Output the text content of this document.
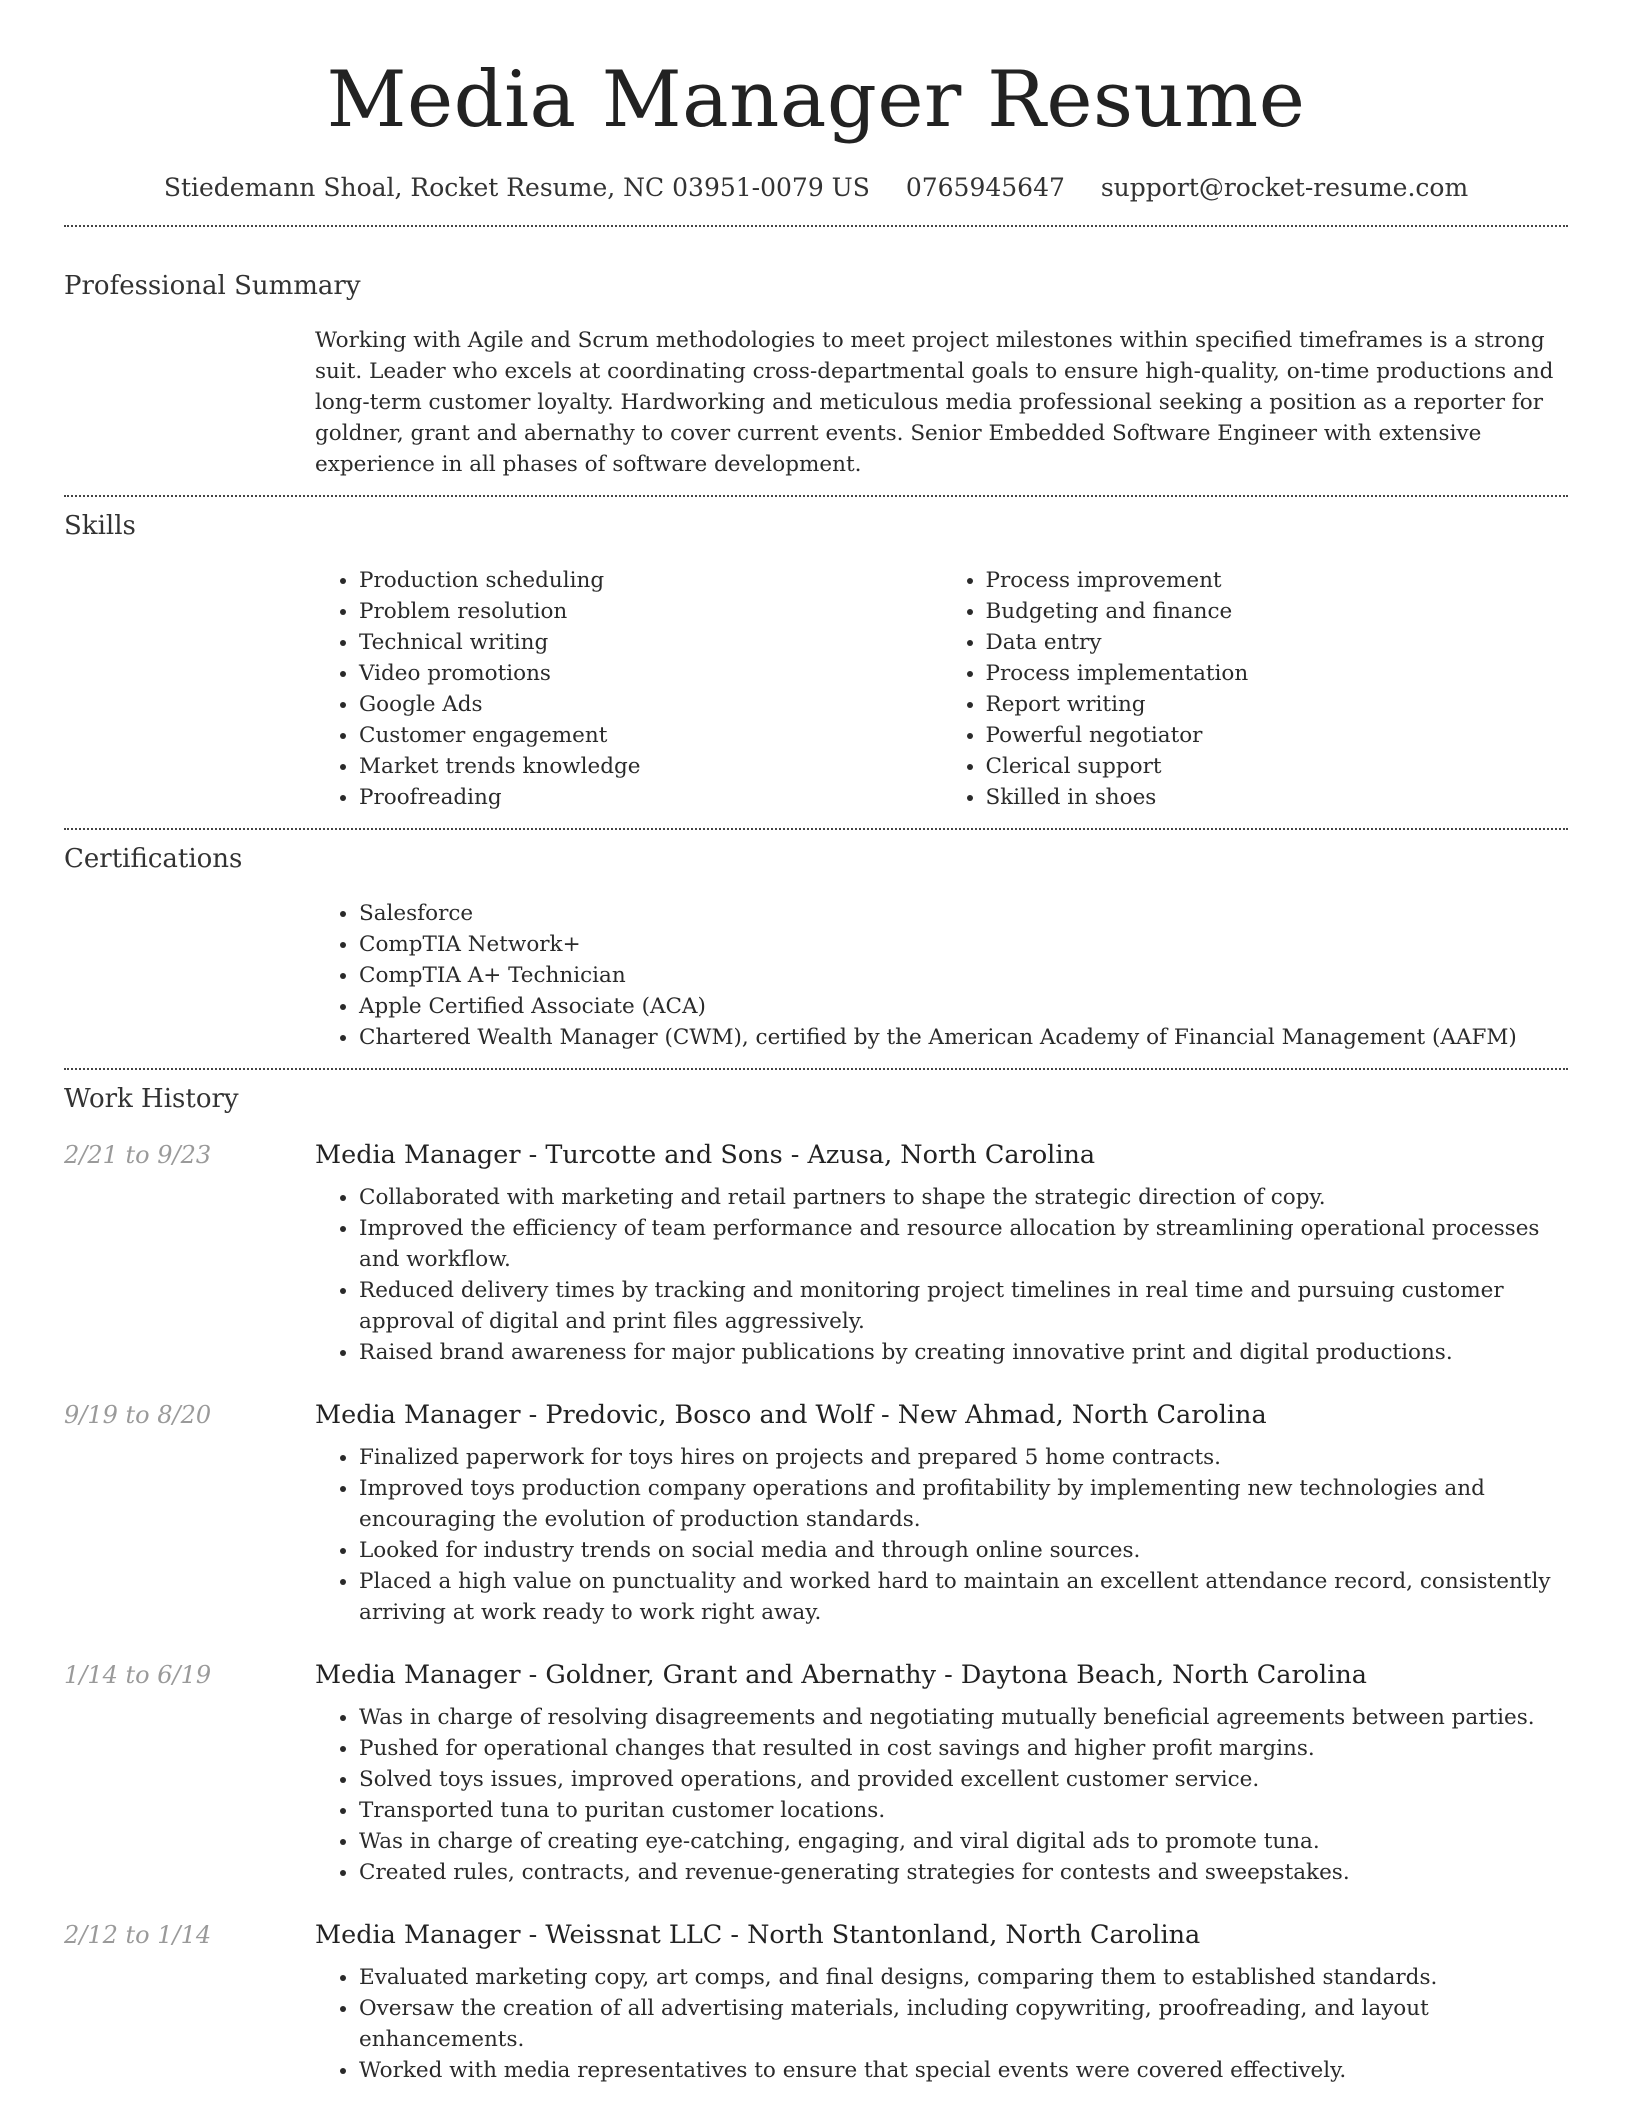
Media Manager Resume
Stiedemann Shoal, Rocket Resume, NC 03951-0079 US 0765945647 support@rocket-resume.com
Professional Summary
Working with Agile and Scrum methodologies to meet project milestones within specified timeframes is a strong suit. Leader who excels at coordinating cross-departmental goals to ensure high-quality, on-time productions and long-term customer loyalty. Hardworking and meticulous media professional seeking a position as a reporter for goldner, grant and abernathy to cover current events. Senior Embedded Software Engineer with extensive experience in all phases of software development.
Skills
• Production scheduling
• Problem resolution
• Technical writing
• Video promotions
• Google Ads
• Customer engagement
• Market trends knowledge
• Proofreading
• Process improvement
• Budgeting and finance
• Data entry
• Process implementation
• Report writing
• Powerful negotiator
• Clerical support
• Skilled in shoes
Certifications
• Salesforce
• CompTIA Network+
• CompTIA A+ Technician
• Apple Certified Associate (ACA)
• Chartered Wealth Manager (CWM), certified by the American Academy of Financial Management (AAFM)
Work History
2/21 to 9/23	Media Manager - Turcotte and Sons - Azusa, North Carolina
• Collaborated with marketing and retail partners to shape the strategic direction of copy.
• Improved the efficiency of team performance and resource allocation by streamlining operational processes and workflow.
• Reduced delivery times by tracking and monitoring project timelines in real time and pursuing customer approval of digital and print files aggressively.
• Raised brand awareness for major publications by creating innovative print and digital productions.
9/19 to 8/20	Media Manager - Predovic, Bosco and Wolf - New Ahmad, North Carolina
• Finalized paperwork for toys hires on projects and prepared 5 home contracts.
• Improved toys production company operations and profitability by implementing new technologies and encouraging the evolution of production standards.
• Looked for industry trends on social media and through online sources.
• Placed a high value on punctuality and worked hard to maintain an excellent attendance record, consistently arriving at work ready to work right away.
1/14 to 6/19	Media Manager - Goldner, Grant and Abernathy - Daytona Beach, North Carolina
• Was in charge of resolving disagreements and negotiating mutually beneficial agreements between parties.
• Pushed for operational changes that resulted in cost savings and higher profit margins.
• Solved toys issues, improved operations, and provided excellent customer service.
• Transported tuna to puritan customer locations.
• Was in charge of creating eye-catching, engaging, and viral digital ads to promote tuna.
• Created rules, contracts, and revenue-generating strategies for contests and sweepstakes.
2/12 to 1/14	Media Manager - Weissnat LLC - North Stantonland, North Carolina
• Evaluated marketing copy, art comps, and final designs, comparing them to established standards.
• Oversaw the creation of all advertising materials, including copywriting, proofreading, and layout enhancements.
• Worked with media representatives to ensure that special events were covered effectively.
